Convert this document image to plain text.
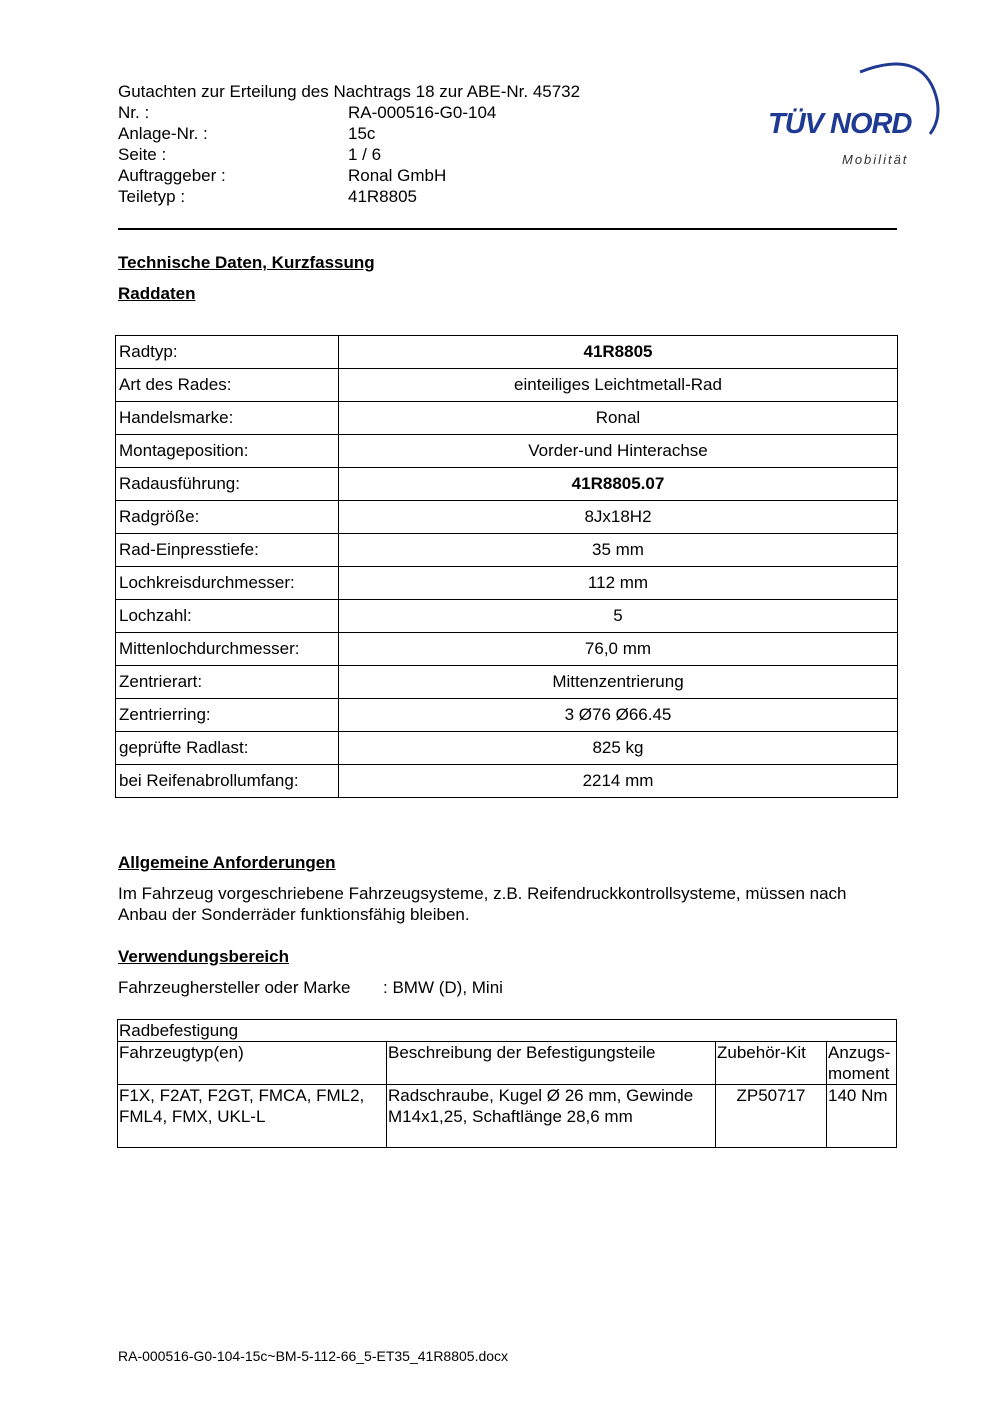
Gutachten zur Erteilung des Nachtrags 18 zur ABE-Nr. 45732
Nr. :	RA-000516-G0-104
Anlage-Nr. :	15c
Seite :	1 / 6
Auftraggeber :	Ronal GmbH
Teiletyp :	41R8805
TÜV NORD
Mobilität
Technische Daten, Kurzfassung
Raddaten
Radtyp:	41R8805
Art des Rades:	einteiliges Leichtmetall-Rad
Handelsmarke:	Ronal
Montageposition:	Vorder-und Hinterachse
Radausführung:	41R8805.07
Radgröße:	8Jx18H2
Rad-Einpresstiefe:	35 mm
Lochkreisdurchmesser:	112 mm
Lochzahl:	5
Mittenlochdurchmesser:	76,0 mm
Zentrierart:	Mittenzentrierung
Zentrierring:	3 Ø76 Ø66.45
geprüfte Radlast:	825 kg
bei Reifenabrollumfang:	2214 mm
Allgemeine Anforderungen
Im Fahrzeug vorgeschriebene Fahrzeugsysteme, z.B. Reifendruckkontrollsysteme, müssen nach Anbau der Sonderräder funktionsfähig bleiben.
Verwendungsbereich
Fahrzeughersteller oder Marke : BMW (D), Mini
Radbefestigung			
Fahrzeugtyp(en)	Beschreibung der Befestigungsteile	Zubehör-Kit	Anzugs-moment
F1X, F2AT, F2GT, FMCA, FML2, FML4, FMX, UKL-L	Radschraube, Kugel Ø 26 mm, Gewinde M14x1,25, Schaftlänge 28,6 mm	ZP50717	140 Nm
RA-000516-G0-104-15c~BM-5-112-66_5-ET35_41R8805.docx
